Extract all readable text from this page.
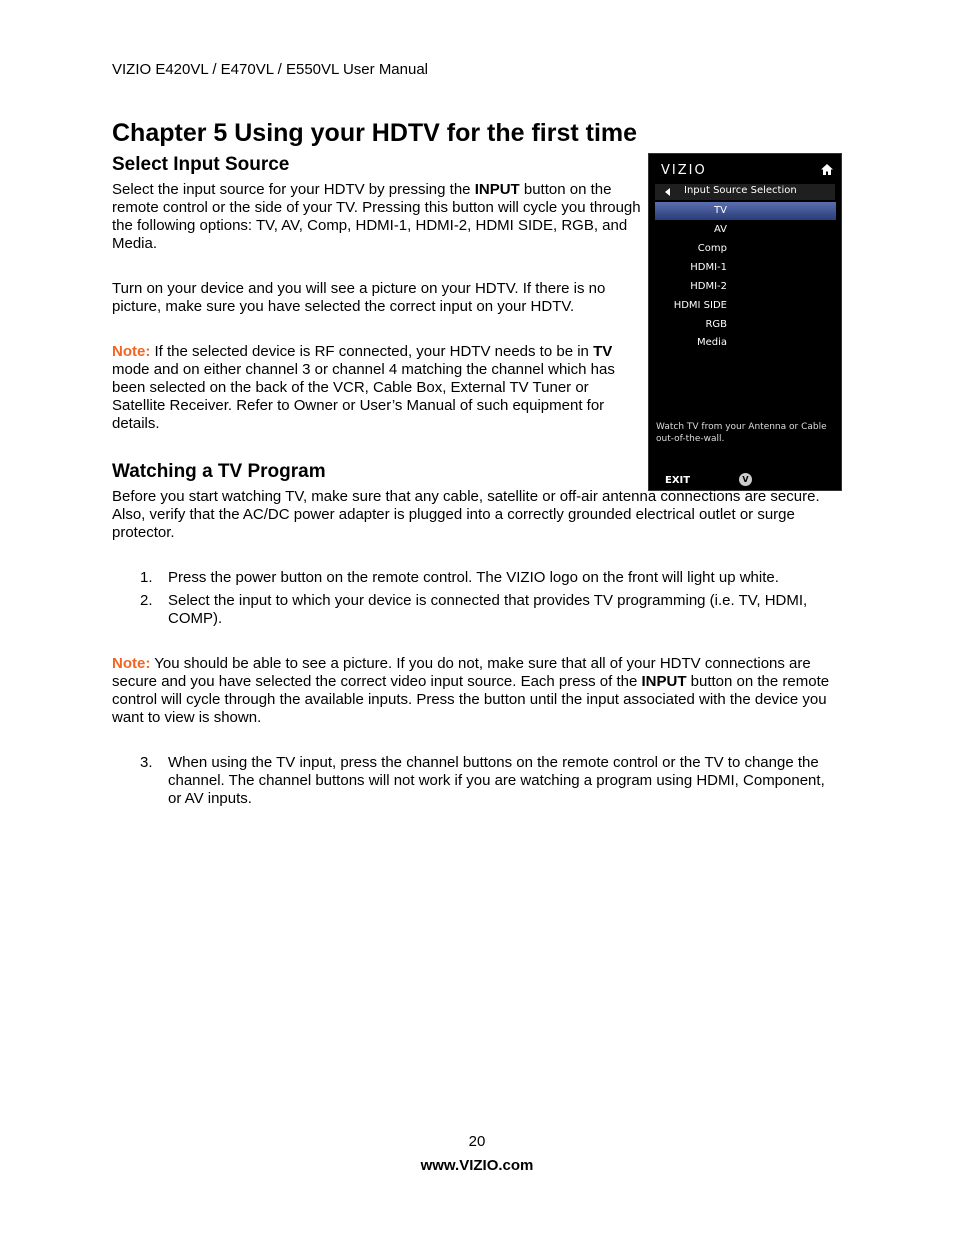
VIZIO E420VL / E470VL / E550VL User Manual
Chapter 5 Using your HDTV for the first time
Select Input Source

Select the input source for your HDTV by pressing the INPUT button on the remote control or the side of your TV. Pressing this button will cycle you through the following options: TV, AV, Comp, HDMI-1, HDMI-2, HDMI SIDE, RGB, and Media.

Turn on your device and you will see a picture on your HDTV. If there is no picture, make sure you have selected the correct input on your HDTV.

Note: If the selected device is RF connected, your HDTV needs to be in TV mode and on either channel 3 or channel 4 matching the channel which has been selected on the back of the VCR, Cable Box, External TV Tuner or Satellite Receiver. Refer to Owner or User’s Manual of such equipment for details.

VIZIO
Input Source Selection
TV
AV
Comp
HDMI-1
HDMI-2
HDMI SIDE
RGB
Media
Watch TV from your Antenna or Cable out-of-the-wall.
EXIT	V
Watching a TV Program

Before you start watching TV, make sure that any cable, satellite or off-air antenna connections are secure. Also, verify that the AC/DC power adapter is plugged into a correctly grounded electrical outlet or surge protector.

1. Press the power button on the remote control. The VIZIO logo on the front will light up white.

2. Select the input to which your device is connected that provides TV programming (i.e. TV, HDMI, COMP).

Note: You should be able to see a picture. If you do not, make sure that all of your HDTV connections are secure and you have selected the correct video input source. Each press of the INPUT button on the remote control will cycle through the available inputs. Press the button until the input associated with the device you want to view is shown.

3. When using the TV input, press the channel buttons on the remote control or the TV to change the channel. The channel buttons will not work if you are watching a program using HDMI, Component, or AV inputs.

20
www.VIZIO.com
